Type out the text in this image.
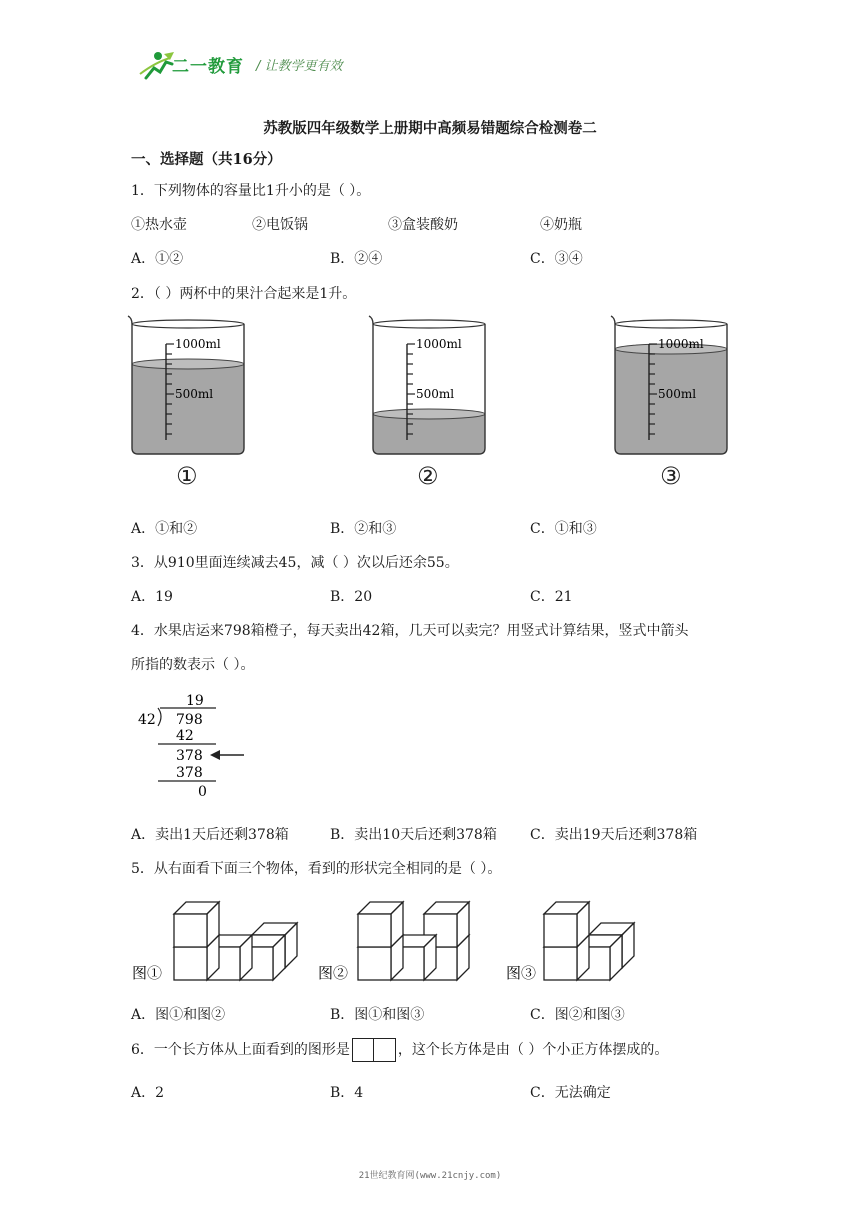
二一教育 / 让教学更有效
苏教版四年级数学上册期中高频易错题综合检测卷二
一、选择题（共16分）
1．下列物体的容量比1升小的是（ ）。
①热水壶	②电饭锅	③盒装酸奶	④奶瓶
A．①②	B．②④	C．③④
2．（ ）两杯中的果汁合起来是1升。
1000ml
500ml
1000ml
500ml
1000ml
500ml
①	②	③
A．①和②	B．②和③	C．①和③
3．从910里面连续减去45，减（ ）次以后还余55。
A．19	B．20	C．21
4．水果店运来798箱橙子，每天卖出42箱，几天可以卖完？用竖式计算结果，竖式中箭头
所指的数表示（ ）。
19
42 798
42
378
378
0
A．卖出1天后还剩378箱	B．卖出10天后还剩378箱 C．卖出19天后还剩378箱
5．从右面看下面三个物体，看到的形状完全相同的是（ ）。
图①	图②	图③
A．图①和图②	B．图①和图③	C．图②和图③
6．一个长方体从上面看到的图形是	，这个长方体是由（ ）个小正方体摆成的。
A．2	B．4	C．无法确定
21世纪教育网(www.21cnjy.com)
